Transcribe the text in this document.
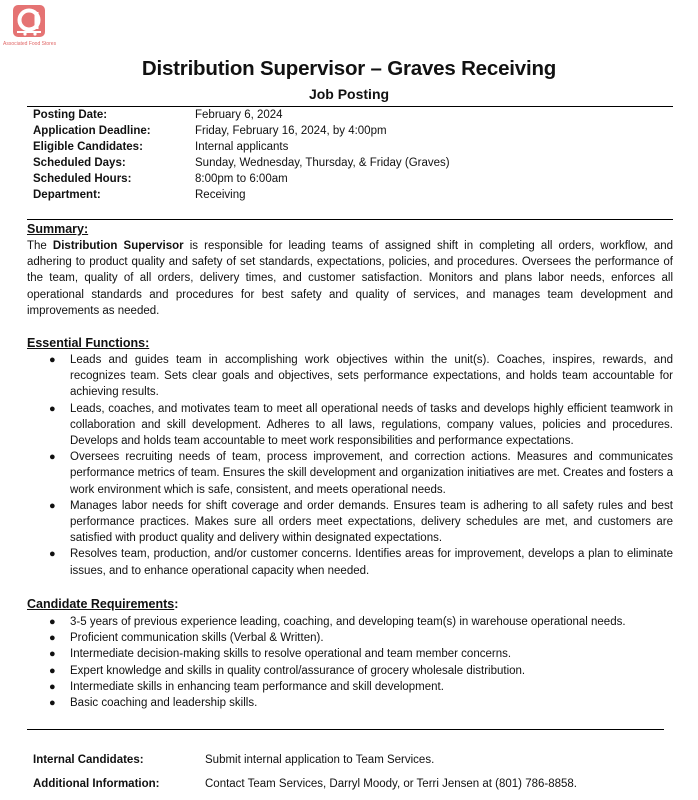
Associated Food Stores
Distribution Supervisor – Graves Receiving
Job Posting
Posting Date:	February 6, 2024
Application Deadline:	Friday, February 16, 2024, by 4:00pm
Eligible Candidates:	Internal applicants
Scheduled Days:	Sunday, Wednesday, Thursday, & Friday (Graves)
Scheduled Hours:	8:00pm to 6:00am
Department:	Receiving
Summary:
The Distribution Supervisor is responsible for leading teams of assigned shift in completing all orders, workflow, and adhering to product quality and safety of set standards, expectations, policies, and procedures. Oversees the performance of the team, quality of all orders, delivery times, and customer satisfaction. Monitors and plans labor needs, enforces all operational standards and procedures for best safety and quality of services, and manages team development and improvements as needed.
Essential Functions:
● Leads and guides team in accomplishing work objectives within the unit(s). Coaches, inspires, rewards, and recognizes team. Sets clear goals and objectives, sets performance expectations, and holds team accountable for achieving results.
● Leads, coaches, and motivates team to meet all operational needs of tasks and develops highly efficient teamwork in collaboration and skill development. Adheres to all laws, regulations, company values, policies and procedures. Develops and holds team accountable to meet work responsibilities and performance expectations.
● Oversees recruiting needs of team, process improvement, and correction actions. Measures and communicates performance metrics of team. Ensures the skill development and organization initiatives are met. Creates and fosters a work environment which is safe, consistent, and meets operational needs.
● Manages labor needs for shift coverage and order demands. Ensures team is adhering to all safety rules and best performance practices. Makes sure all orders meet expectations, delivery schedules are met, and customers are satisfied with product quality and delivery within designated expectations.
● Resolves team, production, and/or customer concerns. Identifies areas for improvement, develops a plan to eliminate issues, and to enhance operational capacity when needed.
Candidate Requirements:
● 3-5 years of previous experience leading, coaching, and developing team(s) in warehouse operational needs.
● Proficient communication skills (Verbal & Written).
● Intermediate decision-making skills to resolve operational and team member concerns.
● Expert knowledge and skills in quality control/assurance of grocery wholesale distribution.
● Intermediate skills in enhancing team performance and skill development.
● Basic coaching and leadership skills.
Internal Candidates:	Submit internal application to Team Services.
Additional Information:	Contact Team Services, Darryl Moody, or Terri Jensen at (801) 786-8858.
